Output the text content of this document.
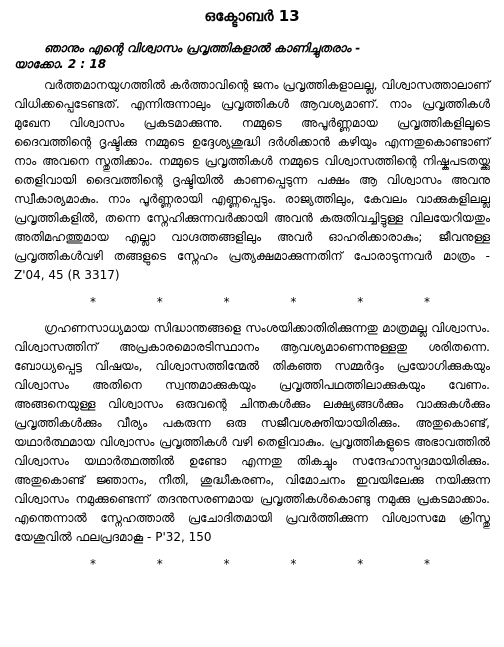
ഒക്ടോബർ 13
ഞാനും എന്റെ വിശ്വാസം പ്രവൃത്തികളാൽ കാണിച്ചുതരാം -
യാക്കോ. 2 : 18

വർത്തമാനയുഗത്തിൽ കർത്താവിന്റെ ജനം പ്രവൃത്തികളാലല്ല, വിശ്വാസത്താലാണ് വിധിക്കപ്പെടേണ്ടത്. എന്നിരുന്നാലും പ്രവൃത്തികൾ ആവശ്യമാണ്. നാം പ്രവൃത്തികൾ മുഖേന വിശ്വാസം പ്രകടമാക്കുന്നു. നമ്മുടെ അപൂർണ്ണമായ പ്രവൃത്തികളിലൂടെ ദൈവത്തിന്റെ ദൃഷ്ടിക്കു നമ്മുടെ ഉദ്ദേശ്യശുദ്ധി ദർശിക്കാൻ കഴിയും എന്നതുകൊണ്ടാണ് നാം അവനെ സ്തുതിക്കാം. നമ്മുടെ പ്രവൃത്തികൾ നമ്മുടെ വിശ്വാസത്തിന്റെ നിഷ്കപടതയ്ക്കു തെളിവായി ദൈവത്തിന്റെ ദൃഷ്ടിയിൽ കാണപ്പെടുന്ന പക്ഷം ആ വിശ്വാസം അവനു സ്വീകാര്യമാകും. നാം പൂർണ്ണരായി എണ്ണപ്പെടും. രാജ്യത്തിലും, കേവലം വാക്കുകളിലല്ല പ്രവൃത്തികളിൽ, തന്നെ സ്നേഹിക്കുന്നവർക്കായി അവൻ കരുതിവച്ചിട്ടുള്ള വിലയേറിയതും അതിമഹത്തുമായ എല്ലാ വാഗ്ദത്തങ്ങളിലും അവർ ഓഹരിക്കാരാകും; ജീവനുള്ള പ്രവൃത്തികൾവഴി തങ്ങളുടെ സ്നേഹം പ്രത്യക്ഷമാക്കുന്നതിന് പോരാടുന്നവർ മാത്രം - Z'04, 45 (R 3317)

*	*	*	*	*	*

ഗ്രഹണസാധ്യമായ സിദ്ധാന്തങ്ങളെ സംശയിക്കാതിരിക്കുന്നതു മാത്രമല്ല വിശ്വാസം. വിശ്വാസത്തിന് അപ്രകാരമൊരടിസ്ഥാനം ആവശ്യമാണെന്നുള്ളതു ശരിതന്നെ. ബോധ്യപ്പെട്ട വിഷയം, വിശ്വാസത്തിന്മേൽ തികഞ്ഞ സമ്മർദ്ദം പ്രയോഗിക്കുകയും വിശ്വാസം അതിനെ സ്വന്തമാക്കുകയും പ്രവൃത്തിപഥത്തിലാക്കുകയും വേണം. അങ്ങനെയുള്ള വിശ്വാസം ഒരുവന്റെ ചിന്തകൾക്കും ലക്ഷ്യങ്ങൾക്കും വാക്കുകൾക്കും പ്രവൃത്തികൾക്കും വീര്യം പകരുന്ന ഒരു സജീവശക്തിയായിരിക്കും. അതുകൊണ്ട്, യഥാർത്ഥമായ വിശ്വാസം പ്രവൃത്തികൾ വഴി തെളിവാകും. പ്രവൃത്തികളുടെ അഭാവത്തിൽ വിശ്വാസം യഥാർത്ഥത്തിൽ ഉണ്ടോ എന്നതു തികച്ചും സന്ദേഹാസ്പദമായിരിക്കും. അതുകൊണ്ട് ജ്ഞാനം, നീതി, ശുദ്ധീകരണം, വിമോചനം ഇവയിലേക്കു നയിക്കുന്ന വിശ്വാസം നമുക്കുണ്ടെന്ന് തദനുസരണമായ പ്രവൃത്തികൾകൊണ്ടു നമുക്കു പ്രകടമാക്കാം. എന്തെന്നാൽ സ്നേഹത്താൽ പ്രചോദിതമായി പ്രവർത്തിക്കുന്ന വിശ്വാസമേ ക്രിസ്തു യേശുവിൽ ഫലപ്രദമാകൂ - P'32, 150

*	*	*	*	*	*
